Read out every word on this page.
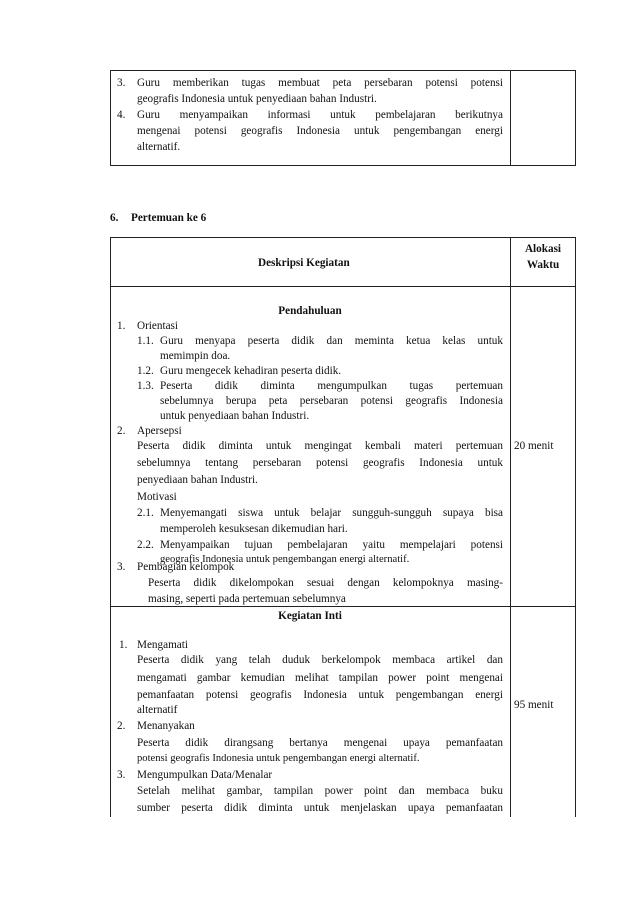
3. Guru memberikan tugas membuat peta persebaran potensi potensi
geografis Indonesia untuk penyediaan bahan Industri.
4. Guru menyampaikan informasi untuk pembelajaran berikutnya
mengenai potensi geografis Indonesia untuk pengembangan energi
alternatif.
6. Pertemuan ke 6
Deskripsi Kegiatan
Alokasi
Waktu
Pendahuluan
1. Orientasi
1.1. Guru menyapa peserta didik dan meminta ketua kelas untuk
memimpin doa.
1.2. Guru mengecek kehadiran peserta didik.
1.3. Peserta didik diminta mengumpulkan tugas pertemuan
sebelumnya berupa peta persebaran potensi geografis Indonesia
untuk penyediaan bahan Industri.
2. Apersepsi
Peserta didik diminta untuk mengingat kembali materi pertemuan
sebelumnya tentang persebaran potensi geografis Indonesia untuk
penyediaan bahan Industri.
20 menit
Motivasi
2.1. Menyemangati siswa untuk belajar sungguh-sungguh supaya bisa
memperoleh kesuksesan dikemudian hari.
2.2. Menyampaikan tujuan pembelajaran yaitu mempelajari potensi
geografis Indonesia untuk pengembangan energi alternatif.
3. Pembagian kelompok
Peserta didik dikelompokan sesuai dengan kelompoknya masing-
masing, seperti pada pertemuan sebelumnya
Kegiatan Inti
1. Mengamati
Peserta didik yang telah duduk berkelompok membaca artikel dan
mengamati gambar kemudian melihat tampilan power point mengenai
pemanfaatan potensi geografis Indonesia untuk pengembangan energi
alternatif	95 menit
2. Menanyakan
Peserta didik dirangsang bertanya mengenai upaya pemanfaatan
potensi geografis Indonesia untuk pengembangan energi alternatif.
3. Mengumpulkan Data/Menalar
Setelah melihat gambar, tampilan power point dan membaca buku
sumber peserta didik diminta untuk menjelaskan upaya pemanfaatan
